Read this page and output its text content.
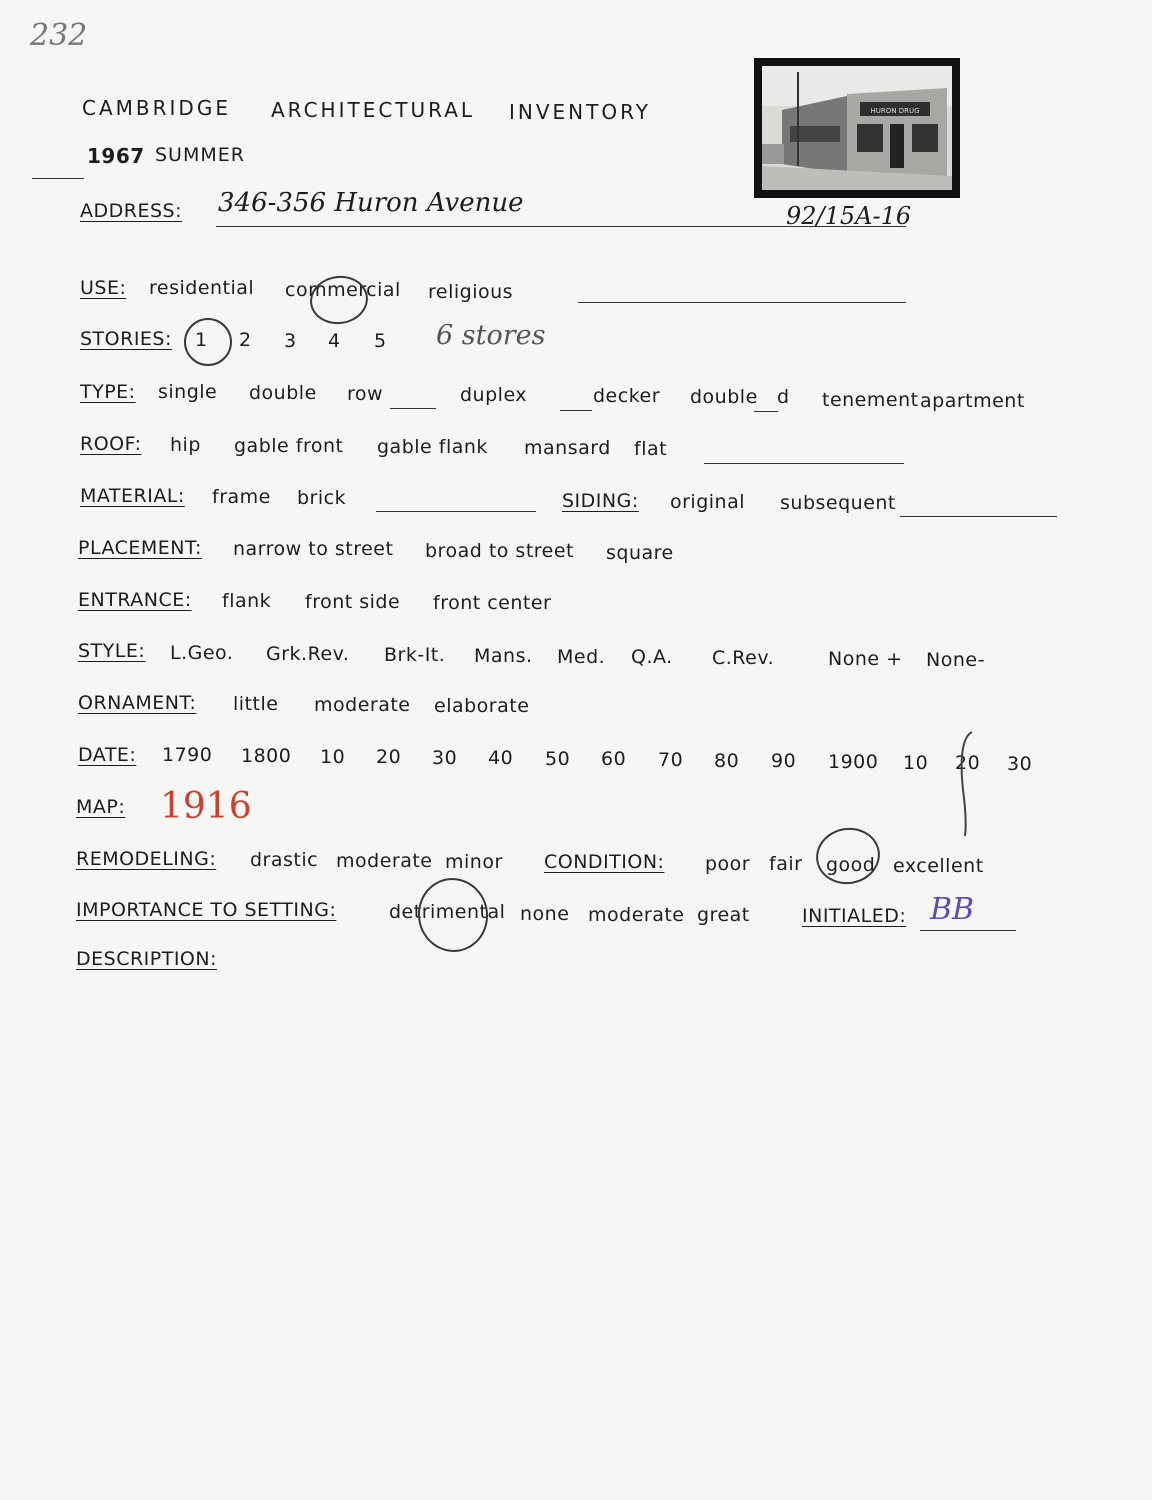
232
CAMBRIDGE ARCHITECTURAL INVENTORY
1967 SUMMER
HURON DRUG
ADDRESS: 346-356 Huron Avenue	92/15A-16
USE: residential commercial religious
STORIES: 1 2 3 4 5 6 stores
TYPE: single double row	duplex	decker double d tenement apartment
ROOF: hip gable front gable flank mansard flat
MATERIAL: frame brick	SIDING: original subsequent
PLACEMENT: narrow to street broad to street square
ENTRANCE: flank front side front center
STYLE: L.Geo. Grk.Rev. Brk-It. Mans. Med. Q.A. C.Rev.	None + None-
ORNAMENT: little moderate elaborate
DATE: 1790 1800 10 20 30 40 50 60 70 80 90 1900 10 20 30
MAP: 1916
REMODELING: drastic moderate minor CONDITION: poor fair good excellent
IMPORTANCE TO SETTING:	detrimental none moderate great	INITIALED: BB
DESCRIPTION:
